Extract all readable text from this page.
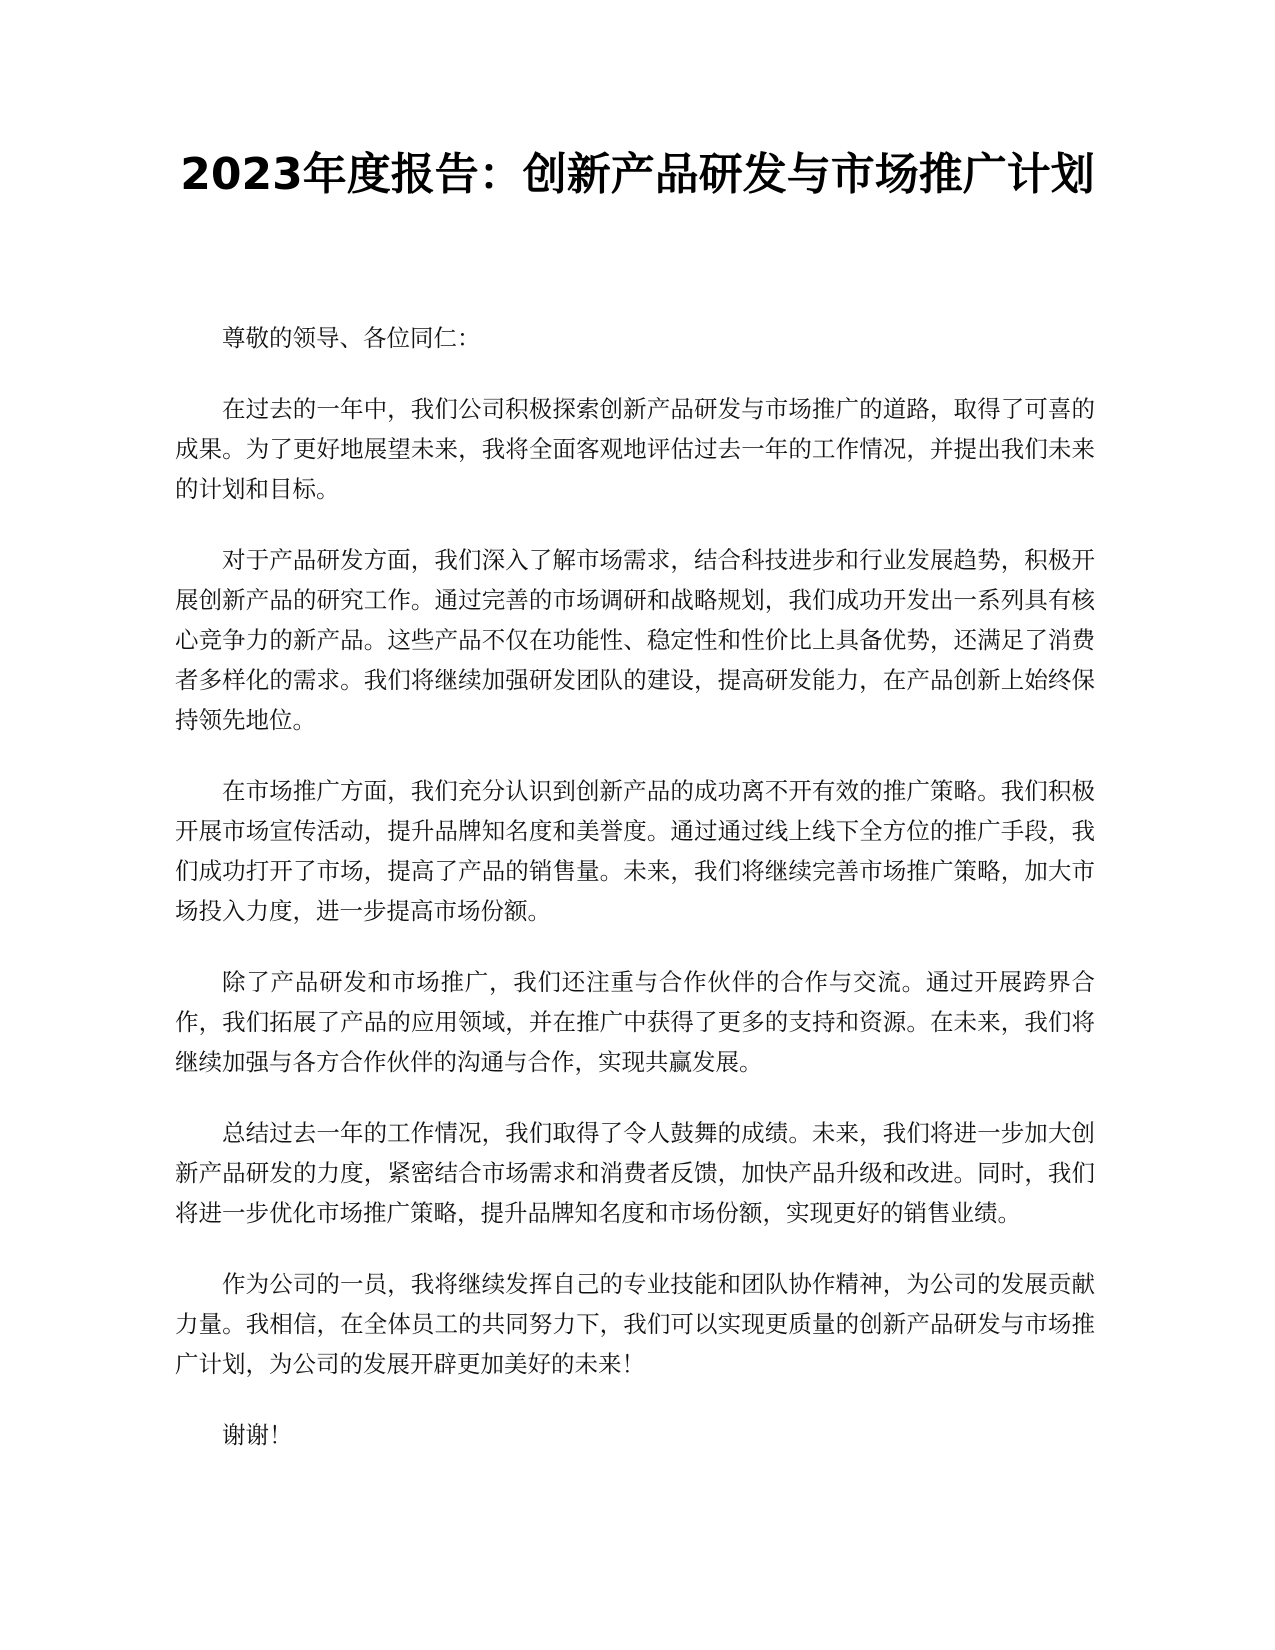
2023年度报告：创新产品研发与市场推广计划

尊敬的领导、各位同仁：

在过去的一年中，我们公司积极探索创新产品研发与市场推广的道路，取得了可喜的成果。为了更好地展望未来，我将全面客观地评估过去一年的工作情况，并提出我们未来的计划和目标。

对于产品研发方面，我们深入了解市场需求，结合科技进步和行业发展趋势，积极开展创新产品的研究工作。通过完善的市场调研和战略规划，我们成功开发出一系列具有核心竞争力的新产品。这些产品不仅在功能性、稳定性和性价比上具备优势，还满足了消费者多样化的需求。我们将继续加强研发团队的建设，提高研发能力，在产品创新上始终保持领先地位。

在市场推广方面，我们充分认识到创新产品的成功离不开有效的推广策略。我们积极开展市场宣传活动，提升品牌知名度和美誉度。通过通过线上线下全方位的推广手段，我们成功打开了市场，提高了产品的销售量。未来，我们将继续完善市场推广策略，加大市场投入力度，进一步提高市场份额。

除了产品研发和市场推广，我们还注重与合作伙伴的合作与交流。通过开展跨界合作，我们拓展了产品的应用领域，并在推广中获得了更多的支持和资源。在未来，我们将继续加强与各方合作伙伴的沟通与合作，实现共赢发展。

总结过去一年的工作情况，我们取得了令人鼓舞的成绩。未来，我们将进一步加大创新产品研发的力度，紧密结合市场需求和消费者反馈，加快产品升级和改进。同时，我们将进一步优化市场推广策略，提升品牌知名度和市场份额，实现更好的销售业绩。

作为公司的一员，我将继续发挥自己的专业技能和团队协作精神，为公司的发展贡献力量。我相信，在全体员工的共同努力下，我们可以实现更质量的创新产品研发与市场推广计划，为公司的发展开辟更加美好的未来！

谢谢！
